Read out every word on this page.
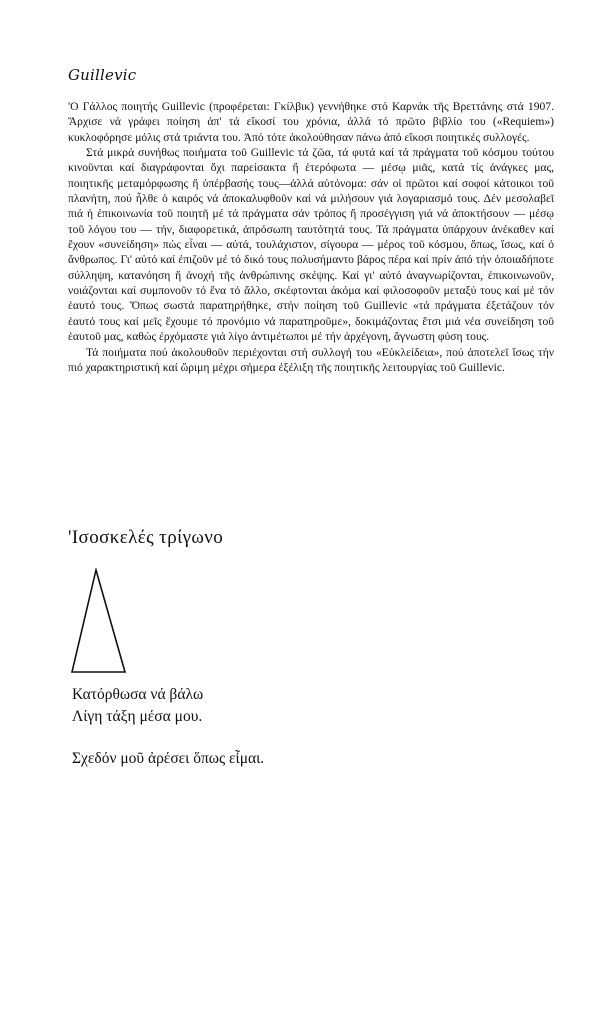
Guillevic

'Ο Γάλλος ποιητής Guillevic (προφέρεται: Γκίλβικ) γεννήθηκε στό Καρνάκ τῆς Βρεττάνης στά 1907. Ἄρχισε νά γράφει ποίηση ἀπ' τά εἴκοσί του χρόνια, ἀλλά τό πρῶτο βιβλίο του («Requiem») κυκλοφόρησε μόλις στά τριάντα του. Ἀπό τότε ἀκολούθησαν πάνω ἀπό εἴκοσι ποιητικές συλλογές.

Στά μικρά συνήθως ποιήματα τοῦ Guillevic τά ζῶα, τά φυτά καί τά πράγματα τοῦ κόσμου τούτου κινοῦνται καί διαγράφονται ὄχι παρείσακτα ἤ ἑτερόφωτα — μέσῳ μιᾶς, κατά τίς ἀνάγκες μας, ποιητικῆς μεταμόρφωσης ἤ ὑπέρβασής τους—ἀλλά αὐτόνομα: σάν οἱ πρῶτοι καί σοφοί κάτοικοι τοῦ πλανήτη, πού ἦλθε ὁ καιρός νά ἀποκαλυφθοῦν καί νά μιλήσουν γιά λογαριασμό τους. Δέν μεσολαβεῖ πιά ἡ ἐπικοινωνία τοῦ ποιητῆ μέ τά πράγματα σάν τρόπος ἤ προσέγγιση γιά νά ἀποκτήσουν — μέσῳ τοῦ λόγου του — τήν, διαφορετικά, ἀπρόσωπη ταυτότητά τους. Τά πράγματα ὑπάρχουν ἀνέκαθεν καί ἔχουν «συνείδηση» πώς εἶναι — αὐτά, τουλάχιστον, σίγουρα — μέρος τοῦ κόσμου, ὅπως, ἴσως, καί ὁ ἄνθρωπος. Γι' αὐτό καί ἐπιζοῦν μέ τό δικό τους πολυσήμαντο βάρος πέρα καί πρίν ἀπό τήν ὁποιαδήποτε σύλληψη, κατανόηση ἤ ἀνοχή τῆς ἀνθρώπινης σκέψης. Καί γι' αὐτό ἀναγνωρίζονται, ἐπικοινωνοῦν, νοιάζονται καί συμπονοῦν τό ἕνα τό ἄλλο, σκέφτονται ἀκόμα καί φιλοσοφοῦν μεταξύ τους καί μέ τόν ἑαυτό τους. Ὅπως σωστά παρατηρήθηκε, στήν ποίηση τοῦ Guillevic «τά πράγματα ἐξετάζουν τόν ἑαυτό τους καί μεῖς ἔχουμε τό προνόμιο νά παρατηροῦμε», δοκιμάζοντας ἔτσι μιά νέα συνείδηση τοῦ ἑαυτοῦ μας, καθώς ἐρχόμαστε γιά λίγο ἀντιμέτωποι μέ τήν ἀρχέγονη, ἄγνωστη φύση τους.

Τά ποιήματα πού ἀκολουθοῦν περιέχονται στή συλλογή του «Εὐκλείδεια», πού ἀποτελεῖ ἴσως τήν πιό χαρακτηριστική καί ὥριμη μέχρι σήμερα ἐξέλιξη τῆς ποιητικῆς λειτουργίας τοῦ Guillevic.

'Ισοσκελές τρίγωνο
Κατόρθωσα νά βάλω
Λίγη τάξη μέσα μου.
Σχεδόν μοῦ ἀρέσει ὅπως εἶμαι.
